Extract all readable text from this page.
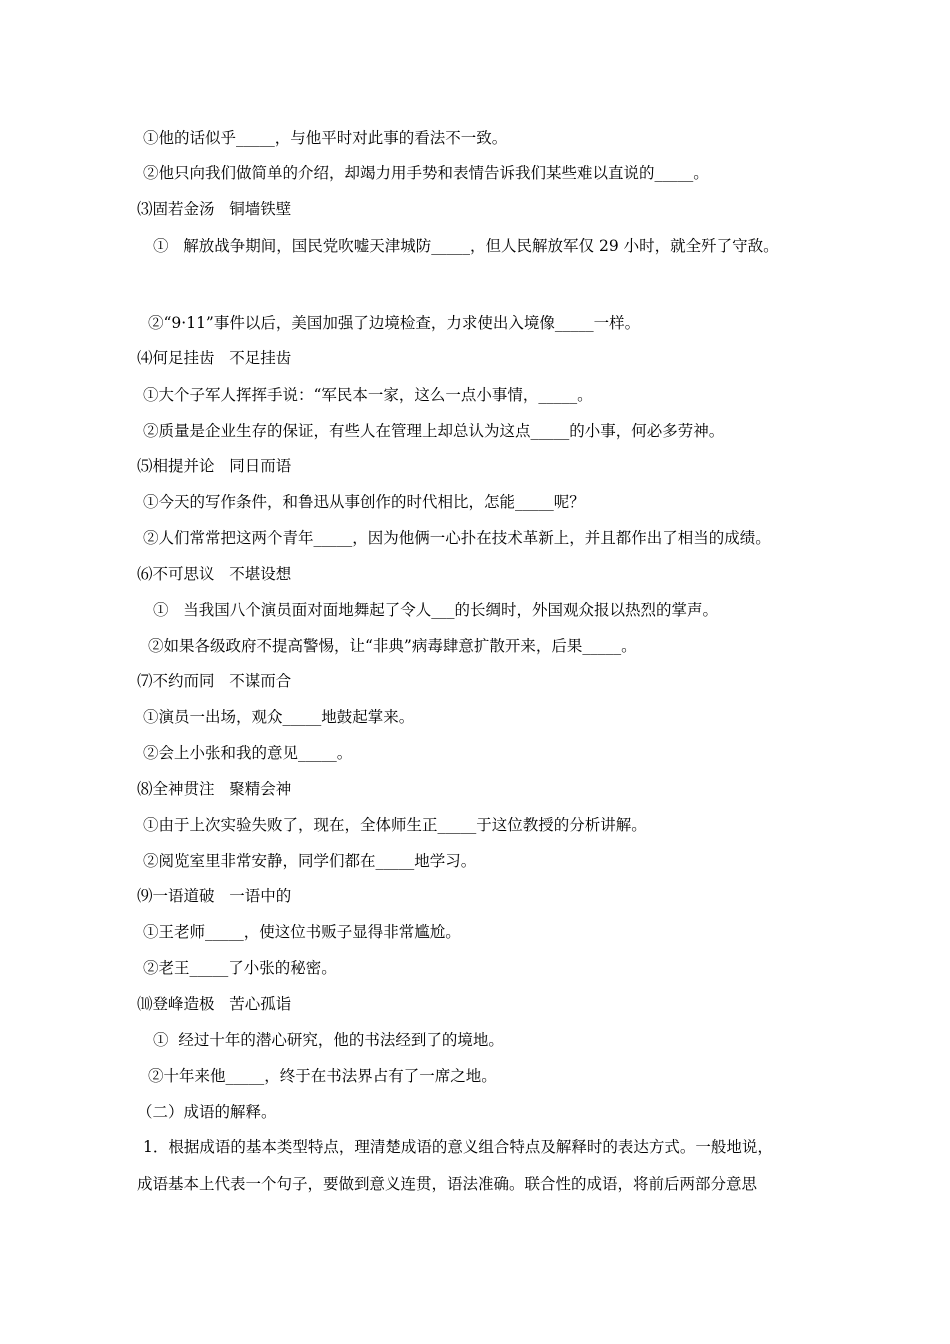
①他的话似乎_____，与他平时对此事的看法不一致。
②他只向我们做简单的介绍，却竭力用手势和表情告诉我们某些难以直说的_____。
⑶固若金汤   铜墙铁壁
①   解放战争期间，国民党吹嘘天津城防_____，但人民解放军仅 29 小时，就全歼了守敌。
②“9·11”事件以后，美国加强了边境检查，力求使出入境像_____一样。
⑷何足挂齿   不足挂齿
①大个子军人挥挥手说：“军民本一家，这么一点小事情，_____。
②质量是企业生存的保证，有些人在管理上却总认为这点_____的小事，何必多劳神。
⑸相提并论   同日而语
①今天的写作条件，和鲁迅从事创作的时代相比，怎能_____呢？
②人们常常把这两个青年_____，因为他俩一心扑在技术革新上，并且都作出了相当的成绩。
⑹不可思议   不堪设想
①   当我国八个演员面对面地舞起了令人___的长绸时，外国观众报以热烈的掌声。
②如果各级政府不提高警惕，让“非典”病毒肆意扩散开来，后果_____。
⑺不约而同   不谋而合
①演员一出场，观众_____地鼓起掌来。
②会上小张和我的意见_____。
⑻全神贯注   聚精会神
①由于上次实验失败了，现在，全体师生正_____于这位教授的分析讲解。
②阅览室里非常安静，同学们都在_____地学习。
⑼一语道破   一语中的
①王老师_____，使这位书贩子显得非常尴尬。
②老王_____了小张的秘密。
⑽登峰造极   苦心孤诣
①  经过十年的潜心研究，他的书法经到了的境地。
②十年来他_____，终于在书法界占有了一席之地。
（二）成语的解释。
1．根据成语的基本类型特点，理清楚成语的意义组合特点及解释时的表达方式。一般地说，
成语基本上代表一个句子，要做到意义连贯，语法准确。联合性的成语，将前后两部分意思
